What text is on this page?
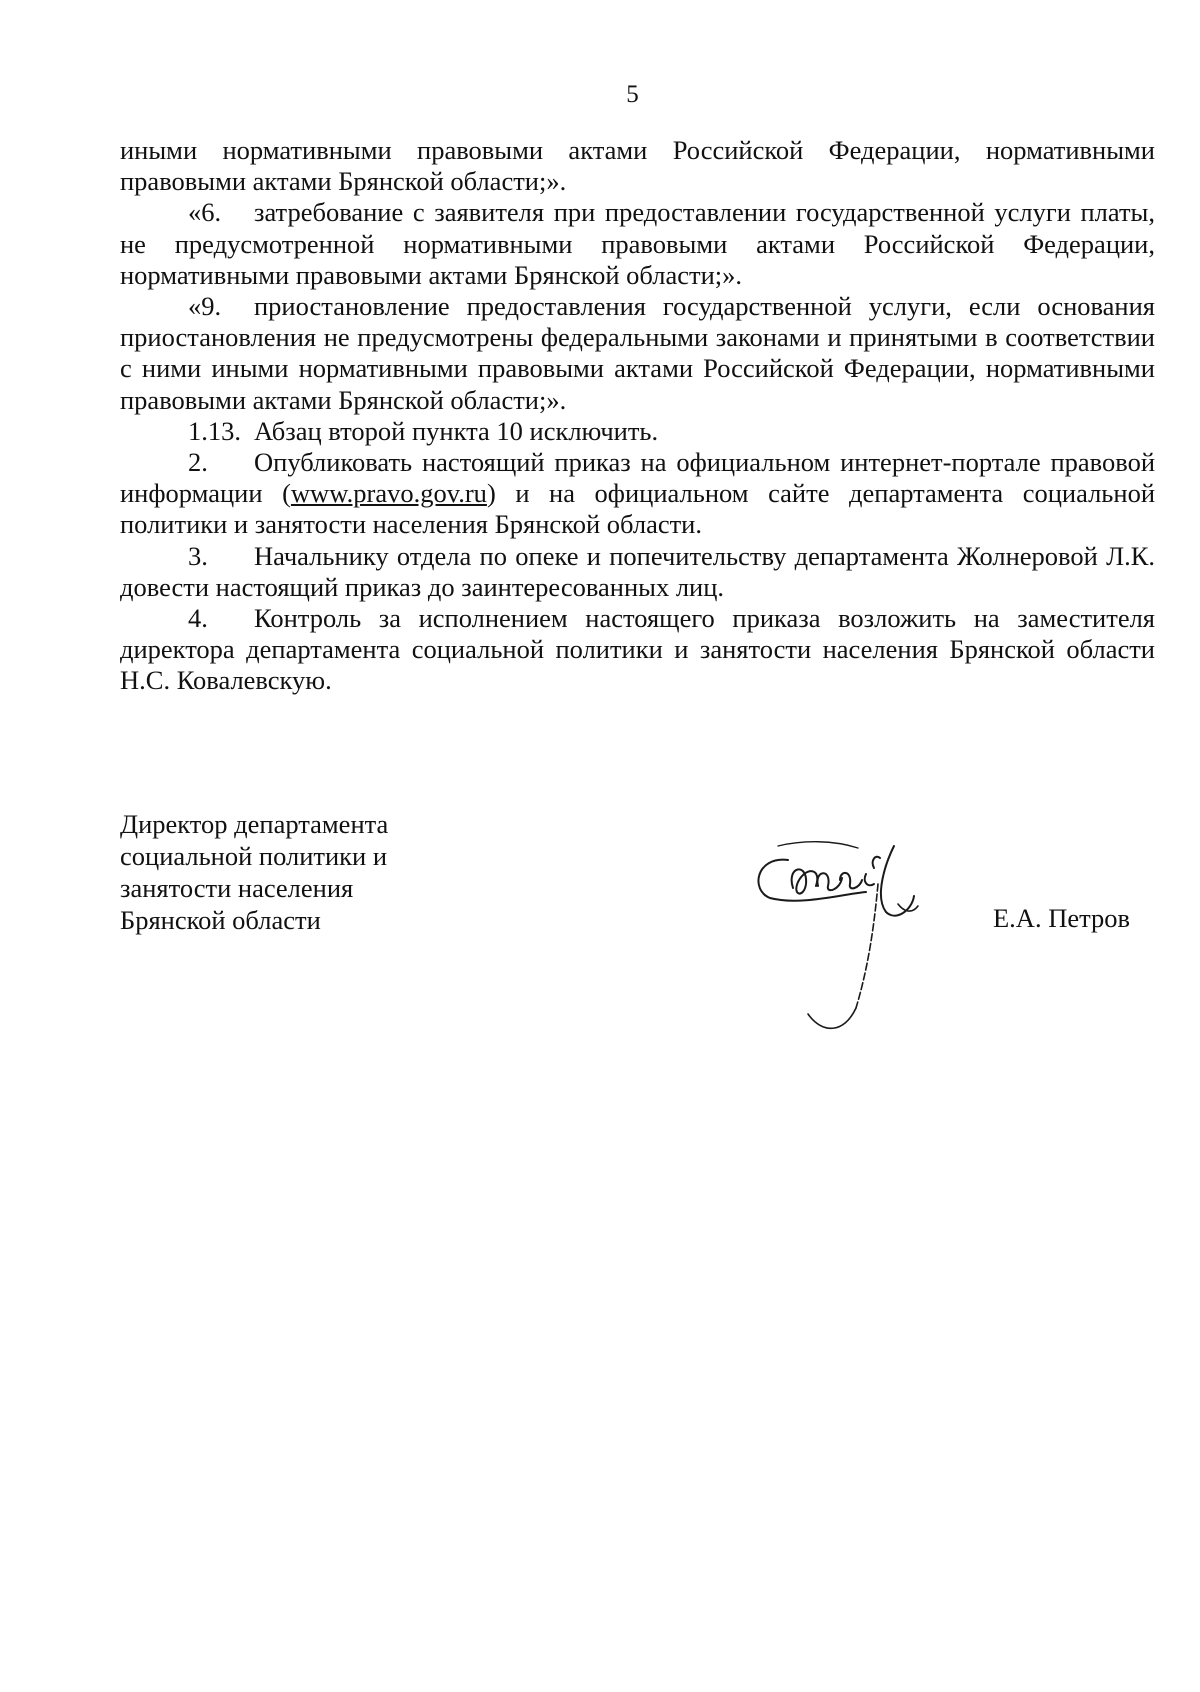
5

иными нормативными правовыми актами Российской Федерации, нормативными правовыми актами Брянской области;».

«6. затребование с заявителя при предоставлении государственной услуги платы, не предусмотренной нормативными правовыми актами Российской Федерации, нормативными правовыми актами Брянской области;».

«9. приостановление предоставления государственной услуги, если основания приостановления не предусмотрены федеральными законами и принятыми в соответствии с ними иными нормативными правовыми актами Российской Федерации, нормативными правовыми актами Брянской области;».

1.13. Абзац второй пункта 10 исключить.

2. Опубликовать настоящий приказ на официальном интернет-портале правовой информации (www.pravo.gov.ru) и на официальном сайте департамента социальной политики и занятости населения Брянской области.

3. Начальнику отдела по опеке и попечительству департамента Жолнеровой Л.К. довести настоящий приказ до заинтересованных лиц.

4. Контроль за исполнением настоящего приказа возложить на заместителя директора департамента социальной политики и занятости населения Брянской области Н.С. Ковалевскую.

Директор департамента
социальной политики и
занятости населения
Брянской области	Е.А. Петров
